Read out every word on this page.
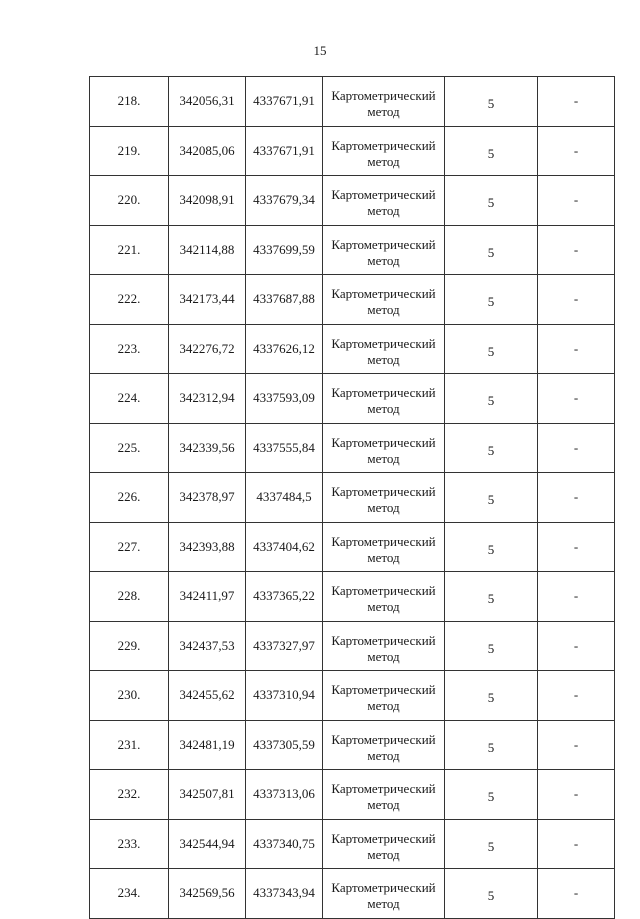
15
218.	342056,31	4337671,91	Картометрический
метод	5	-
219.	342085,06	4337671,91	Картометрический
метод	5	-
220.	342098,91	4337679,34	Картометрический
метод	5	-
221.	342114,88	4337699,59	Картометрический
метод	5	-
222.	342173,44	4337687,88	Картометрический
метод	5	-
223.	342276,72	4337626,12	Картометрический
метод	5	-
224.	342312,94	4337593,09	Картометрический
метод	5	-
225.	342339,56	4337555,84	Картометрический
метод	5	-
226.	342378,97	4337484,5	Картометрический
метод	5	-
227.	342393,88	4337404,62	Картометрический
метод	5	-
228.	342411,97	4337365,22	Картометрический
метод	5	-
229.	342437,53	4337327,97	Картометрический
метод	5	-
230.	342455,62	4337310,94	Картометрический
метод	5	-
231.	342481,19	4337305,59	Картометрический
метод	5	-
232.	342507,81	4337313,06	Картометрический
метод	5	-
233.	342544,94	4337340,75	Картометрический
метод	5	-
234.	342569,56	4337343,94	Картометрический
метод	5	-
